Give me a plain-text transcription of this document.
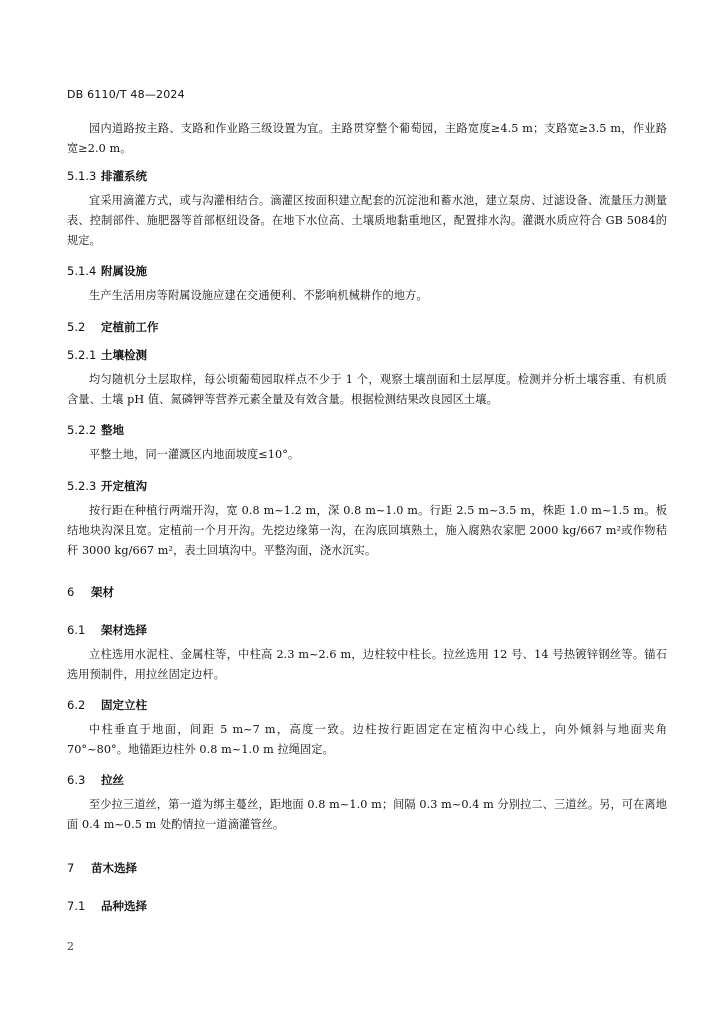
DB 6110/T 48—2024
园内道路按主路、支路和作业路三级设置为宜。主路贯穿整个葡萄园，主路宽度≥4.5 m；支路宽≥3.5 m，作业路宽≥2.0 m。
5.1.3 排灌系统
宜采用滴灌方式，或与沟灌相结合。滴灌区按面积建立配套的沉淀池和蓄水池，建立泵房、过滤设备、流量压力测量表、控制部件、施肥器等首部枢纽设备。在地下水位高、土壤质地黏重地区，配置排水沟。灌溉水质应符合 GB 5084的规定。
5.1.4 附属设施
生产生活用房等附属设施应建在交通便利、不影响机械耕作的地方。
5.2 定植前工作
5.2.1 土壤检测
均匀随机分土层取样，每公顷葡萄园取样点不少于 1 个，观察土壤剖面和土层厚度。检测并分析土壤容重、有机质含量、土壤 pH 值、氮磷钾等营养元素全量及有效含量。根据检测结果改良园区土壤。
5.2.2 整地
平整土地，同一灌溉区内地面坡度≤10°。
5.2.3 开定植沟
按行距在种植行两端开沟，宽 0.8 m~1.2 m，深 0.8 m~1.0 m。行距 2.5 m~3.5 m，株距 1.0 m~1.5 m。板结地块沟深且宽。定植前一个月开沟。先挖边缘第一沟，在沟底回填熟土，施入腐熟农家肥 2000 kg/667 m²或作物秸秆 3000 kg/667 m²，表土回填沟中。平整沟面，浇水沉实。
6 架材
6.1 架材选择
立柱选用水泥柱、金属柱等，中柱高 2.3 m~2.6 m，边柱较中柱长。拉丝选用 12 号、14 号热镀锌钢丝等。锚石选用预制件，用拉丝固定边杆。
6.2 固定立柱
中柱垂直于地面，间距 5 m~7 m，高度一致。边柱按行距固定在定植沟中心线上，向外倾斜与地面夹角 70°~80°。地锚距边柱外 0.8 m~1.0 m 拉绳固定。
6.3 拉丝
至少拉三道丝，第一道为绑主蔓丝，距地面 0.8 m~1.0 m；间隔 0.3 m~0.4 m 分别拉二、三道丝。另，可在离地面 0.4 m~0.5 m 处酌情拉一道滴灌管丝。
7 苗木选择
7.1 品种选择
2
